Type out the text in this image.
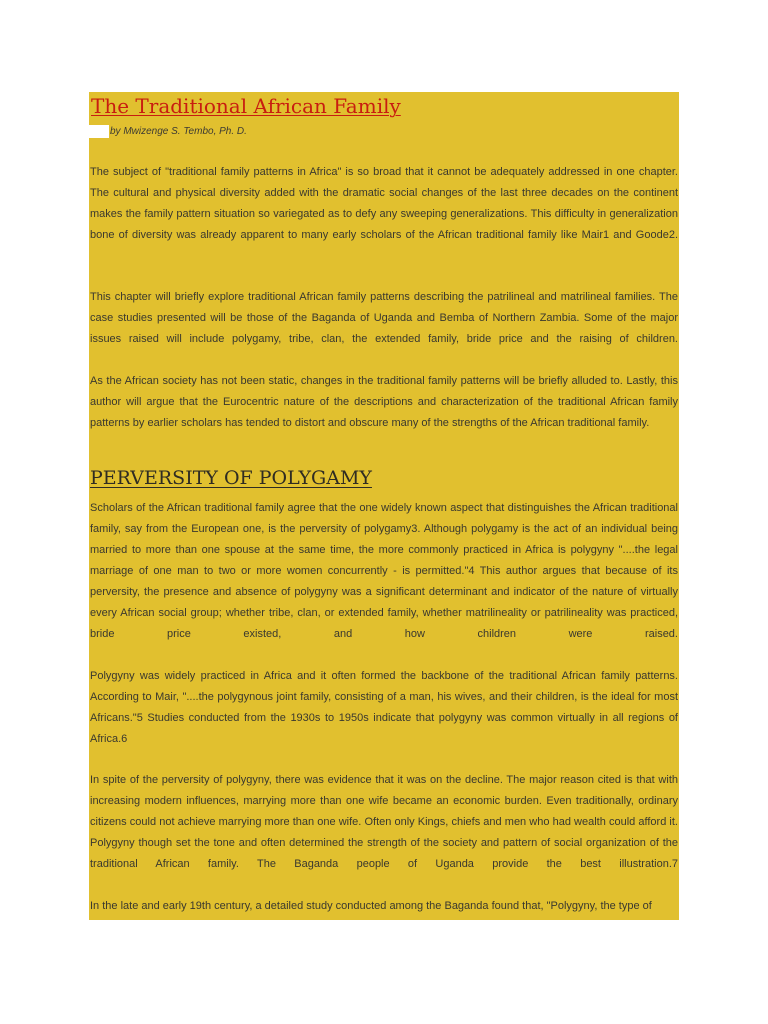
The Traditional African Family
by Mwizenge S. Tembo, Ph. D.

The subject of "traditional family patterns in Africa" is so broad that it cannot be adequately addressed in one chapter. The cultural and physical diversity added with the dramatic social changes of the last three decades on the continent makes the family pattern situation so variegated as to defy any sweeping generalizations. This difficulty in generalization bone of diversity was already apparent to many early scholars of the African traditional family like Mair1 and Goode2.

This chapter will briefly explore traditional African family patterns describing the patrilineal and matrilineal families. The case studies presented will be those of the Baganda of Uganda and Bemba of Northern Zambia. Some of the major issues raised will include polygamy, tribe, clan, the extended family, bride price and the raising of children.

As the African society has not been static, changes in the traditional family patterns will be briefly alluded to. Lastly, this author will argue that the Eurocentric nature of the descriptions and characterization of the traditional African family patterns by earlier scholars has tended to distort and obscure many of the strengths of the African traditional family.

PERVERSITY OF POLYGAMY

Scholars of the African traditional family agree that the one widely known aspect that distinguishes the African traditional family, say from the European one, is the perversity of polygamy3. Although polygamy is the act of an individual being married to more than one spouse at the same time, the more commonly practiced in Africa is polygyny "....the legal marriage of one man to two or more women concurrently - is permitted."4 This author argues that because of its perversity, the presence and absence of polygyny was a significant determinant and indicator of the nature of virtually every African social group; whether tribe, clan, or extended family, whether matrilineality or patrilineality was practiced, bride price existed, and how children were raised.

Polygyny was widely practiced in Africa and it often formed the backbone of the traditional African family patterns. According to Mair, "....the polygynous joint family, consisting of a man, his wives, and their children, is the ideal for most Africans."5 Studies conducted from the 1930s to 1950s indicate that polygyny was common virtually in all regions of Africa.6

In spite of the perversity of polygyny, there was evidence that it was on the decline. The major reason cited is that with increasing modern influences, marrying more than one wife became an economic burden. Even traditionally, ordinary citizens could not achieve marrying more than one wife. Often only Kings, chiefs and men who had wealth could afford it. Polygyny though set the tone and often determined the strength of the society and pattern of social organization of the traditional African family. The Baganda people of Uganda provide the best illustration.7

In the late and early 19th century, a detailed study conducted among the Baganda found that, "Polygyny, the type of
